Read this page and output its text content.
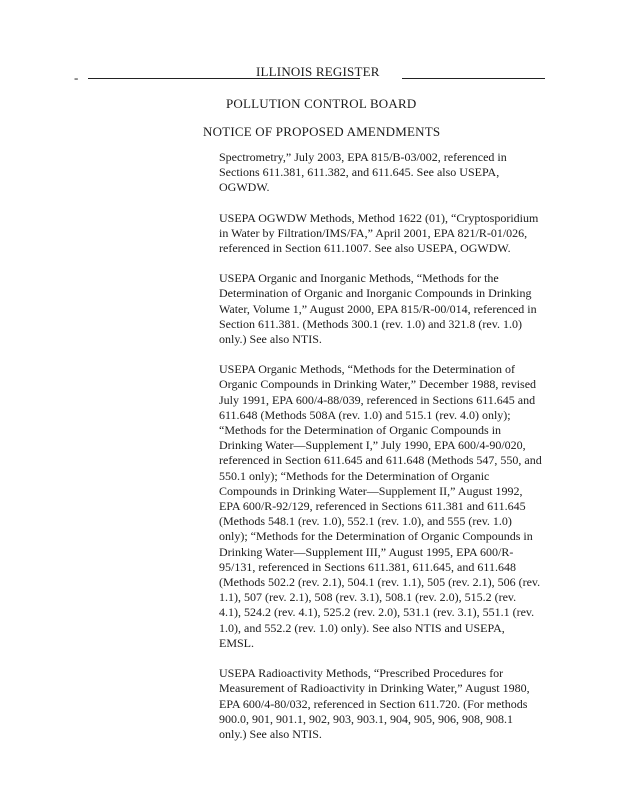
-	ILLINOIS REGISTER
POLLUTION CONTROL BOARD
NOTICE OF PROPOSED AMENDMENTS
Spectrometry,” July 2003, EPA 815/B-03/002, referenced in
Sections 611.381, 611.382, and 611.645. See also USEPA,
OGWDW.
USEPA OGWDW Methods, Method 1622 (01), “Cryptosporidium
in Water by Filtration/IMS/FA,” April 2001, EPA 821/R-01/026,
referenced in Section 611.1007. See also USEPA, OGWDW.
USEPA Organic and Inorganic Methods, “Methods for the
Determination of Organic and Inorganic Compounds in Drinking
Water, Volume 1,” August 2000, EPA 815/R-00/014, referenced in
Section 611.381. (Methods 300.1 (rev. 1.0) and 321.8 (rev. 1.0)
only.) See also NTIS.
USEPA Organic Methods, “Methods for the Determination of
Organic Compounds in Drinking Water,” December 1988, revised
July 1991, EPA 600/4-88/039, referenced in Sections 611.645 and
611.648 (Methods 508A (rev. 1.0) and 515.1 (rev. 4.0) only);
“Methods for the Determination of Organic Compounds in
Drinking Water—Supplement I,” July 1990, EPA 600/4-90/020,
referenced in Section 611.645 and 611.648 (Methods 547, 550, and
550.1 only); “Methods for the Determination of Organic
Compounds in Drinking Water—Supplement II,” August 1992,
EPA 600/R-92/129, referenced in Sections 611.381 and 611.645
(Methods 548.1 (rev. 1.0), 552.1 (rev. 1.0), and 555 (rev. 1.0)
only); “Methods for the Determination of Organic Compounds in
Drinking Water—Supplement III,” August 1995, EPA 600/R-
95/131, referenced in Sections 611.381, 611.645, and 611.648
(Methods 502.2 (rev. 2.1), 504.1 (rev. 1.1), 505 (rev. 2.1), 506 (rev.
1.1), 507 (rev. 2.1), 508 (rev. 3.1), 508.1 (rev. 2.0), 515.2 (rev.
4.1), 524.2 (rev. 4.1), 525.2 (rev. 2.0), 531.1 (rev. 3.1), 551.1 (rev.
1.0), and 552.2 (rev. 1.0) only). See also NTIS and USEPA,
EMSL.
USEPA Radioactivity Methods, “Prescribed Procedures for
Measurement of Radioactivity in Drinking Water,” August 1980,
EPA 600/4-80/032, referenced in Section 611.720. (For methods
900.0, 901, 901.1, 902, 903, 903.1, 904, 905, 906, 908, 908.1
only.) See also NTIS.
